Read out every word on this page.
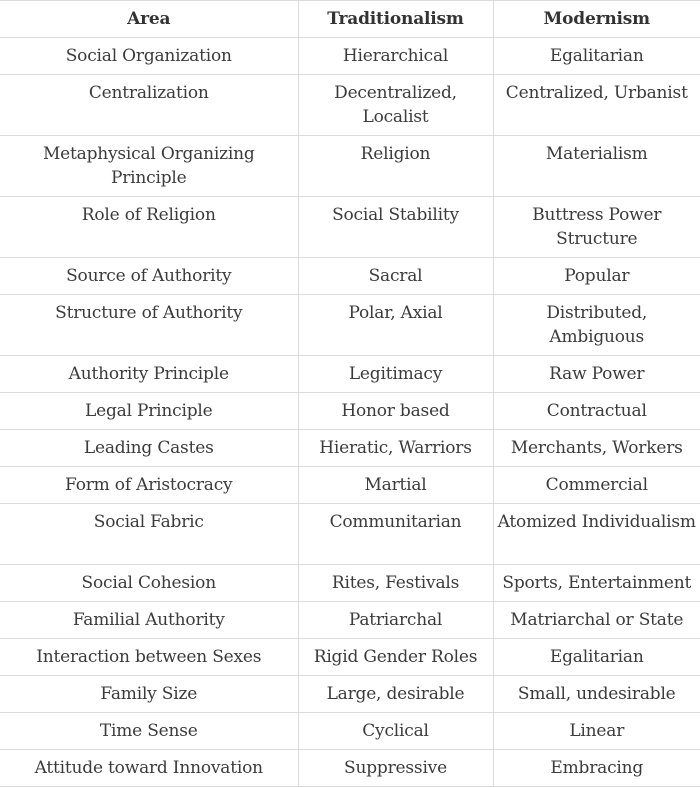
Area	Traditionalism	Modernism
Social Organization	Hierarchical	Egalitarian
Centralization	Decentralized, Localist	Centralized, Urbanist
Metaphysical Organizing Principle	Religion	Materialism
Role of Religion	Social Stability	Buttress Power Structure
Source of Authority	Sacral	Popular
Structure of Authority	Polar, Axial	Distributed, Ambiguous
Authority Principle	Legitimacy	Raw Power
Legal Principle	Honor based	Contractual
Leading Castes	Hieratic, Warriors	Merchants, Workers
Form of Aristocracy	Martial	Commercial
Social Fabric	Communitarian	Atomized Individualism
Social Cohesion	Rites, Festivals	Sports, Entertainment
Familial Authority	Patriarchal	Matriarchal or State
Interaction between Sexes	Rigid Gender Roles	Egalitarian
Family Size	Large, desirable	Small, undesirable
Time Sense	Cyclical	Linear
Attitude toward Innovation	Suppressive	Embracing
